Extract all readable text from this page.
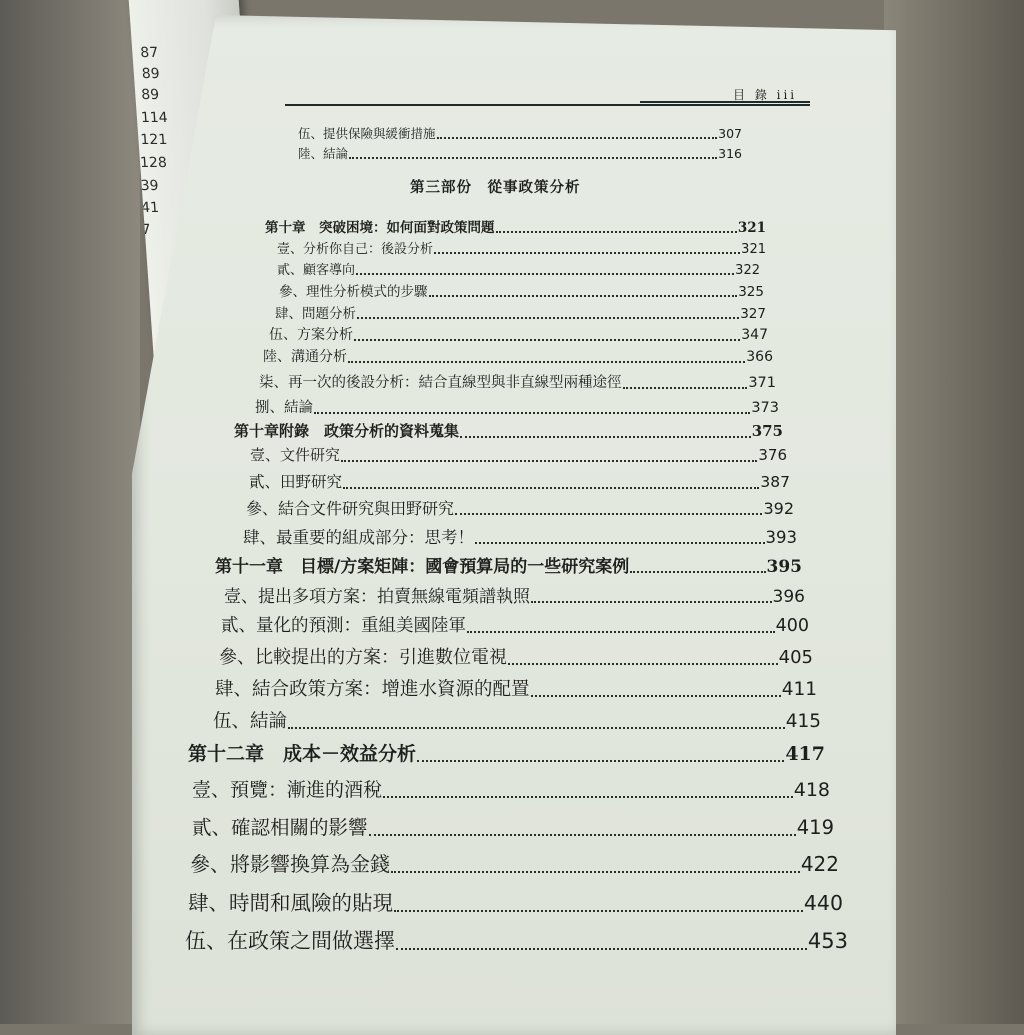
87
89
89
114
121
128
39
41
7
目 錄 iii
第三部份　從事政策分析
伍、提供保險與緩衝措施	307
陸、結論	316
第十章　突破困境：如何面對政策問題	321
壹、分析你自己：後設分析	321
貳、顧客導向	322
參、理性分析模式的步驟	325
肆、問題分析	327
伍、方案分析	347
陸、溝通分析	366
柒、再一次的後設分析：結合直線型與非直線型兩種途徑	371
捌、結論	373
第十章附錄　政策分析的資料蒐集	375
壹、文件研究	376
貳、田野研究	387
參、結合文件研究與田野研究	392
肆、最重要的組成部分：思考！	393
第十一章　目標/方案矩陣：國會預算局的一些研究案例	395
壹、提出多項方案：拍賣無線電頻譜執照	396
貳、量化的預測：重組美國陸軍	400
參、比較提出的方案：引進數位電視	405
肆、結合政策方案：增進水資源的配置	411
伍、結論	415
第十二章　成本－效益分析	417
壹、預覽：漸進的酒稅	418
貳、確認相關的影響	419
參、將影響換算為金錢	422
肆、時間和風險的貼現	440
伍、在政策之間做選擇	453
